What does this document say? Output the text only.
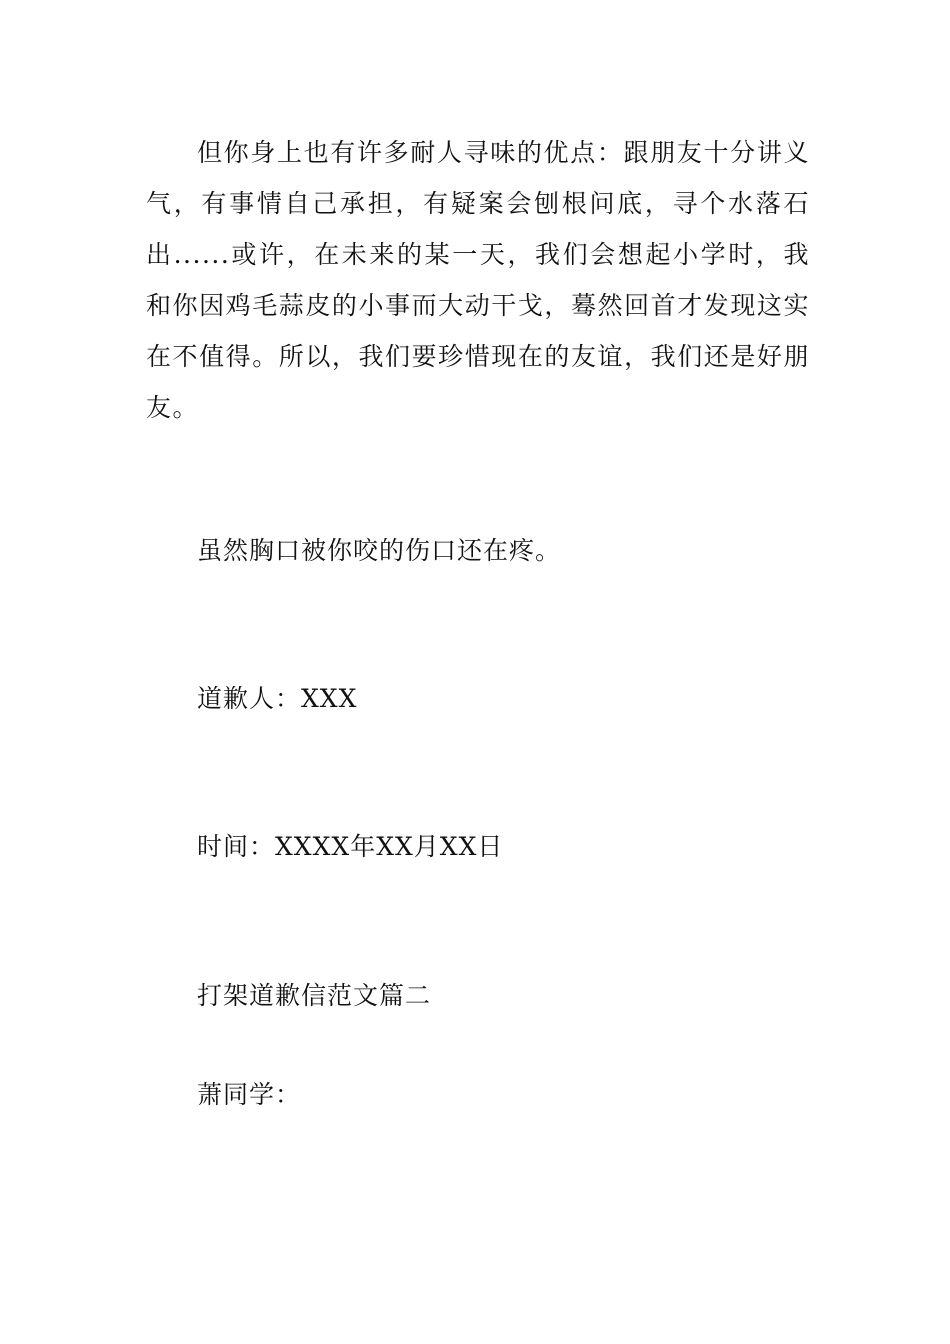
但你身上也有许多耐人寻味的优点：跟朋友十分讲义气，有事情自己承担，有疑案会刨根问底，寻个水落石出......或许，在未来的某一天，我们会想起小学时，我和你因鸡毛蒜皮的小事而大动干戈，蓦然回首才发现这实在不值得。所以，我们要珍惜现在的友谊，我们还是好朋友。

虽然胸口被你咬的伤口还在疼。

道歉人：XXX

时间：XXXX年XX月XX日

打架道歉信范文篇二

萧同学：
